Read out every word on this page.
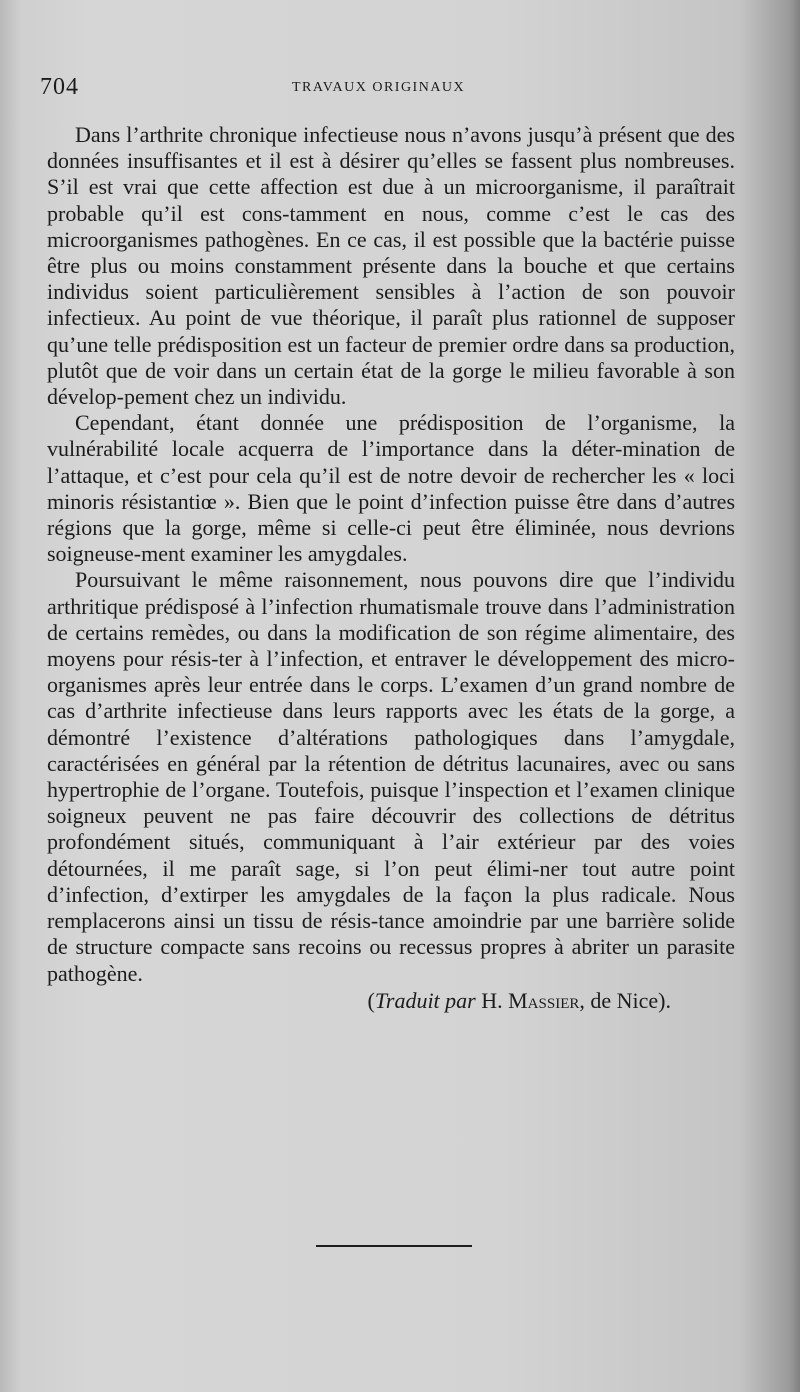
704	TRAVAUX ORIGINAUX

Dans l’arthrite chronique infectieuse nous n’avons jusqu’à présent que des données insuffisantes et il est à désirer qu’elles se fassent plus nombreuses. S’il est vrai que cette affection est due à un microorganisme, il paraîtrait probable qu’il est cons-tamment en nous, comme c’est le cas des microorganismes pathogènes. En ce cas, il est possible que la bactérie puisse être plus ou moins constamment présente dans la bouche et que certains individus soient particulièrement sensibles à l’action de son pouvoir infectieux. Au point de vue théorique, il paraît plus rationnel de supposer qu’une telle prédisposition est un facteur de premier ordre dans sa production, plutôt que de voir dans un certain état de la gorge le milieu favorable à son dévelop-pement chez un individu.

Cependant, étant donnée une prédisposition de l’organisme, la vulnérabilité locale acquerra de l’importance dans la déter-mination de l’attaque, et c’est pour cela qu’il est de notre devoir de rechercher les « loci minoris résistantiœ ». Bien que le point d’infection puisse être dans d’autres régions que la gorge, même si celle-ci peut être éliminée, nous devrions soigneuse-ment examiner les amygdales.

Poursuivant le même raisonnement, nous pouvons dire que l’individu arthritique prédisposé à l’infection rhumatismale trouve dans l’administration de certains remèdes, ou dans la modification de son régime alimentaire, des moyens pour résis-ter à l’infection, et entraver le développement des micro-organismes après leur entrée dans le corps. L’examen d’un grand nombre de cas d’arthrite infectieuse dans leurs rapports avec les états de la gorge, a démontré l’existence d’altérations pathologiques dans l’amygdale, caractérisées en général par la rétention de détritus lacunaires, avec ou sans hypertrophie de l’organe. Toutefois, puisque l’inspection et l’examen clinique soigneux peuvent ne pas faire découvrir des collections de détritus profondément situés, communiquant à l’air extérieur par des voies détournées, il me paraît sage, si l’on peut élimi-ner tout autre point d’infection, d’extirper les amygdales de la façon la plus radicale. Nous remplacerons ainsi un tissu de résis-tance amoindrie par une barrière solide de structure compacte sans recoins ou recessus propres à abriter un parasite pathogène.

(Traduit par H. Massier, de Nice).
